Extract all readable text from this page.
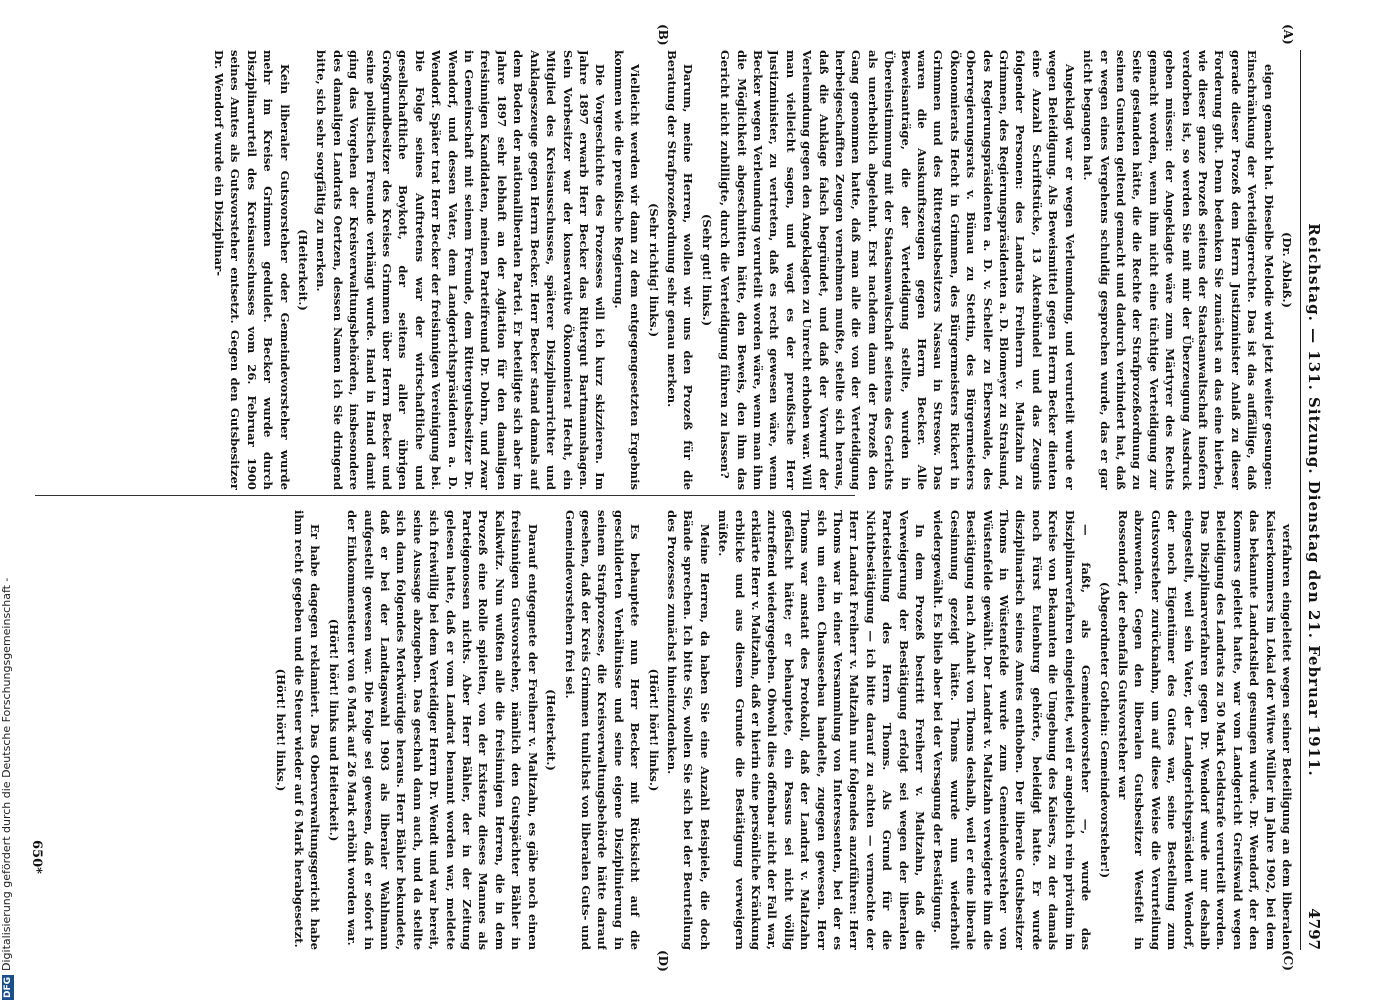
Reichstag. — 131. Sitzung. Dienstag den 21. Februar 1911.
4797
(A)
(B)
(C)
(D)

(Dr. Ablaß.)

eigen gemacht hat. Dieselbe Melodie wird jetzt weiter gesungen: Einschränkung der Verteidigerrechte. Das ist das auffällige, daß gerade dieser Prozeß dem Herrn Justizminister Anlaß zu dieser Forderung gibt. Denn bedenken Sie zunächst an das eine hierbei, wie dieser ganze Prozeß seitens der Staatsanwaltschaft insofern verdorben ist, so werden Sie mit mir der Überzeugung Ausdruck geben müssen: der Angeklagte wäre zum Märtyrer des Rechts gemacht worden, wenn ihm nicht eine tüchtige Verteidigung zur Seite gestanden hätte, die die Rechte der Strafprozeßordnung zu seinen Gunsten geltend gemacht und dadurch verhindert hat, daß er wegen eines Vergehens schuldig gesprochen wurde, das er gar nicht begangen hat.

Angeklagt war er wegen Verleumdung, und verurteilt wurde er wegen Beleidigung. Als Beweismittel gegen Herrn Becker dienten eine Anzahl Schriftstücke, 13 Aktenbündel und das Zeugnis folgender Personen: des Landrats Freiherrn v. Maltzahn zu Grimmen, des Regierungspräsidenten a. D. Blomeyer zu Stralsund, des Regierungspräsidenten a. D. v. Scheller zu Eberswalde, des Oberregierungsrats v. Bünau zu Stettin, des Bürgermeisters Ökonomierats Hecht in Grimmen, des Bürgermeisters Rickert in Grimmen und des Rittergutsbesitzers Nassau in Stresow. Das waren die Auskunftszeugen gegen Herrn Becker. Alle Beweisanträge, die der Verteidigung stellte, wurden in Übereinstimmung mit der Staatsanwaltschaft seitens des Gerichts als unerheblich abgelehnt. Erst nachdem dann der Prozeß den Gang genommen hatte, daß man alle die von der Verteidigung herbeigeschafften Zeugen vernehmen mußte, stellte sich heraus, daß die Anklage falsch begründet, und daß der Vorwurf der Verleumdung gegen den Angeklagten zu Unrecht erhoben war. Will man vielleicht sagen, und wagt es der preußische Herr Justizminister, zu vertreten, daß es recht gewesen wäre, wenn Becker wegen Verleumdung verurteilt worden wäre, wenn man ihm die Möglichkeit abgeschnitten hätte, den Beweis, den ihm das Gericht nicht zubilligte, durch die Verteidigung führen zu lassen?

(Sehr gut! links.)

Darum, meine Herren, wollen wir uns den Prozeß für die Beratung der Strafprozeßordnung sehr genau merken.

(Sehr richtig! links.)

Vielleicht werden wir dann zu dem entgegengesetzten Ergebnis kommen wie die preußische Regierung.

Die Vorgeschichte des Prozesses will ich kurz skizzieren. Im Jahre 1897 erwarb Herr Becker das Rittergut Bartmannshagen. Sein Vorbesitzer war der konservative Ökonomierat Hecht, ein Mitglied des Kreisausschusses, späterer Disziplinarrichter und Anklageszeuge gegen Herrn Becker. Herr Becker stand damals auf dem Boden der nationalliberalen Partei. Er beteiligte sich aber im Jahre 1897 sehr lebhaft an der Agitation für den damaligen freisinnigen Kandidaten, meinen Parteifreund Dr. Dohrn, und zwar in Gemeinschaft mit seinem Freunde, dem Rittergutsbesitzer Dr. Wendorf, und dessen Vater, dem Landgerichtspräsidenten a. D. Wendorf. Später trat Herr Becker der freisinnigen Vereinigung bei. Die Folge seines Auftretens war der wirtschaftliche und gesellschaftliche Boykott, der seitens aller übrigen Großgrundbesitzer des Kreises Grimmen über Herrn Becker und seine politischen Freunde verhängt wurde. Hand in Hand damit ging das Vorgehen der Kreisverwaltungsbehörden, insbesondere des damaligen Landrats Oertzen, dessen Namen ich Sie dringend bitte, sich sehr sorgfältig zu merken.

(Heiterkeit.)

Kein liberaler Gutsvorsteher oder Gemeindevorsteher wurde mehr im Kreise Grimmen geduldet. Becker wurde durch Disziplinarurteil des Kreisausschusses vom 26. Februar 1900 seines Amtes als Gutsvorsteher entsetzt. Gegen den Gutsbesitzer Dr. Wendorf wurde ein Disziplinar-

verfahren eingeleitet wegen seiner Beteiligung an dem liberalen Kaiserkommers im Lokal der Witwe Müller im Jahre 1902, bei dem das bekannte Landratslied gesungen wurde. Dr. Wendorf, der den Kommers geleitet hatte, war vom Landgericht Greifswald wegen Beleidigung des Landrats zu 50 Mark Geldstrafe verurteilt worden. Das Disziplinarverfahren gegen Dr. Wendorf wurde nur deshalb eingestellt, weil sein Vater, der Landgerichtspräsident Wendorf, der noch Eigentümer des Gutes war, seine Bestellung zum Gutsvorsteher zurücknahm, um auf diese Weise die Verurteilung abzuwenden. Gegen den liberalen Gutsbesitzer Westfelt in Rossendorf, der ebenfalls Gutsvorsteher war

(Abgeordneter Gothein: Gemeindevorsteher!)

— faßt, als Gemeindevorsteher —, wurde das Disziplinarverfahren eingeleitet, weil er angeblich rein privatim im Kreise von Bekannten die Umgebung des Kaisers, zu der damals noch Fürst Eulenburg gehörte, beleidigt hatte. Er wurde disziplinarisch seines Amtes enthoben. Der liberale Gutsbesitzer Thoms in Wüstenfelde wurde zum Gemeindevorsteher von Wüstenfelde gewählt. Der Landrat v. Maltzahn verweigerte ihm die Bestätigung nach Anhalt von Thoms deshalb, weil er eine liberale Gesinnung gezeigt hätte. Thoms wurde nun wiederholt wiedergewählt. Es blieb aber bei der Versagung der Bestätigung.

In dem Prozeß bestritt Freiherr v. Maltzahn, daß die Verweigerung der Bestätigung erfolgt sei wegen der liberalen Parteistellung des Herrn Thoms. Als Grund für die Nichtbestätigung — ich bitte darauf zu achten — vermochte der Herr Landrat Freiherr v. Maltzahn nur folgendes anzuführen: Herr Thoms war in einer Versammlung von Interessenten, bei der es sich um einen Chausseebau handelte, zugegen gewesen. Herr Thoms war anstatt des Protokoll, daß der Landrat v. Maltzahn gefälscht hätte; er behauptete, ein Passus sei nicht völlig zutreffend wiedergegeben. Obwohl dies offenbar nicht der Fall war, erklärte Herr v. Maltzahn, daß er hierin eine persönliche Kränkung erblicke und aus diesem Grunde die Bestätigung verweigern müßte.

Meine Herren, da haben Sie eine Anzahl Beispiele, die doch Bände sprechen. Ich bitte Sie, wollen Sie sich bei der Beurteilung des Prozesses zunächst hineinzudenken.

(Hört! hört! links.)

Es behauptete nun Herr Becker mit Rücksicht auf die geschilderten Verhältnisse und seine eigene Disziplinierung in seinem Strafprozesse, die Kreisverwaltungsbehörde hätte darauf gesehen, daß der Kreis Grimmen tunlichst von liberalen Guts- und Gemeindevorstehern frei sei.

(Heiterkeit.)

Darauf entgegnete der Freiherr v. Maltzahn, es gäbe noch einen freisinnigen Gutsvorsteher, nämlich den Gutspächter Bähler in Kalkwitz. Nun wußten alle die freisinnigen Herren, die in dem Prozeß eine Rolle spielten, von der Existenz dieses Mannes als Parteigenossen nichts. Aber Herr Bähler, der in der Zeitung gelesen hatte, daß er vom Landrat benannt worden war, meldete sich freiwillig bei dem Verteidiger Herrn Dr. Wendt und war bereit, seine Aussage abzugeben. Das geschah dann auch, und da stellte sich dann folgendes Merkwürdige heraus. Herr Bähler bekundete, daß er bei der Landtagswahl 1903 als liberaler Wahlmann aufgestellt gewesen war. Die Folge sei gewesen, daß er sofort in der Einkommensteuer von 6 Mark auf 26 Mark erhöht worden war.

(Hört! hört! links und Heiterkeit.)

Er habe dagegen reklamiert. Das Oberverwaltungsgericht habe ihm recht gegeben und die Steuer wieder auf 6 Mark herabgesetzt.

(Hört! hört! links.)

650*
DFGDigitalisierung gefördert durch die Deutsche Forschungsgemeinschaft -
